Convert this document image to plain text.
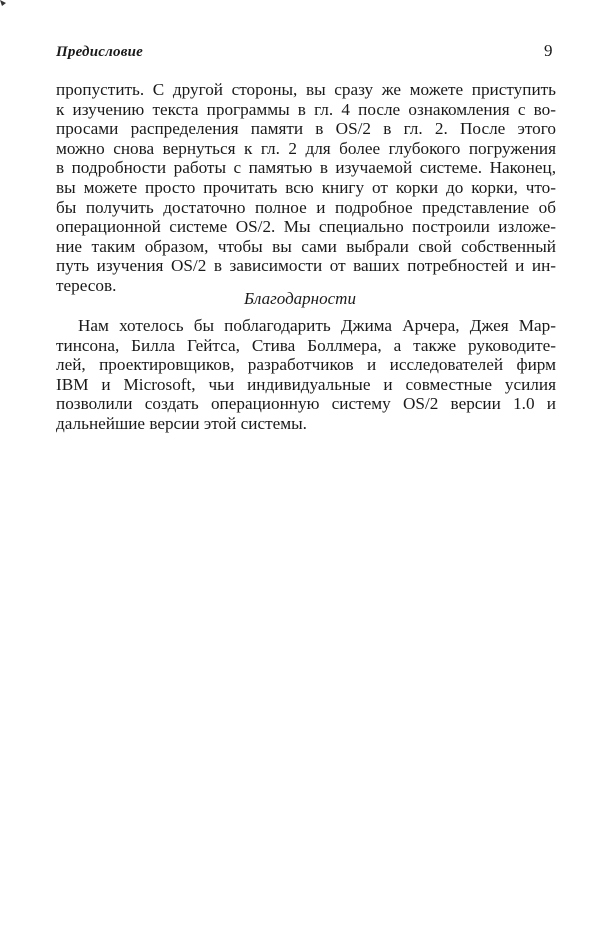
Предисловие	9
пропустить. С другой стороны, вы сразу же можете приступить
к изучению текста программы в гл. 4 после ознакомления с во-
просами распределения памяти в OS/2 в гл. 2. После этого
можно снова вернуться к гл. 2 для более глубокого погружения
в подробности работы с памятью в изучаемой системе. Наконец,
вы можете просто прочитать всю книгу от корки до корки, что-
бы получить достаточно полное и подробное представление об
операционной системе OS/2. Мы специально построили изложе-
ние таким образом, чтобы вы сами выбрали свой собственный
путь изучения OS/2 в зависимости от ваших потребностей и ин-
тересов.
Благодарности
Нам хотелось бы поблагодарить Джима Арчера, Джея Мар-
тинсона, Билла Гейтса, Стива Боллмера, а также руководите-
лей, проектировщиков, разработчиков и исследователей фирм
IBM и Microsoft, чьи индивидуальные и совместные усилия
позволили создать операционную систему OS/2 версии 1.0 и
дальнейшие версии этой системы.
